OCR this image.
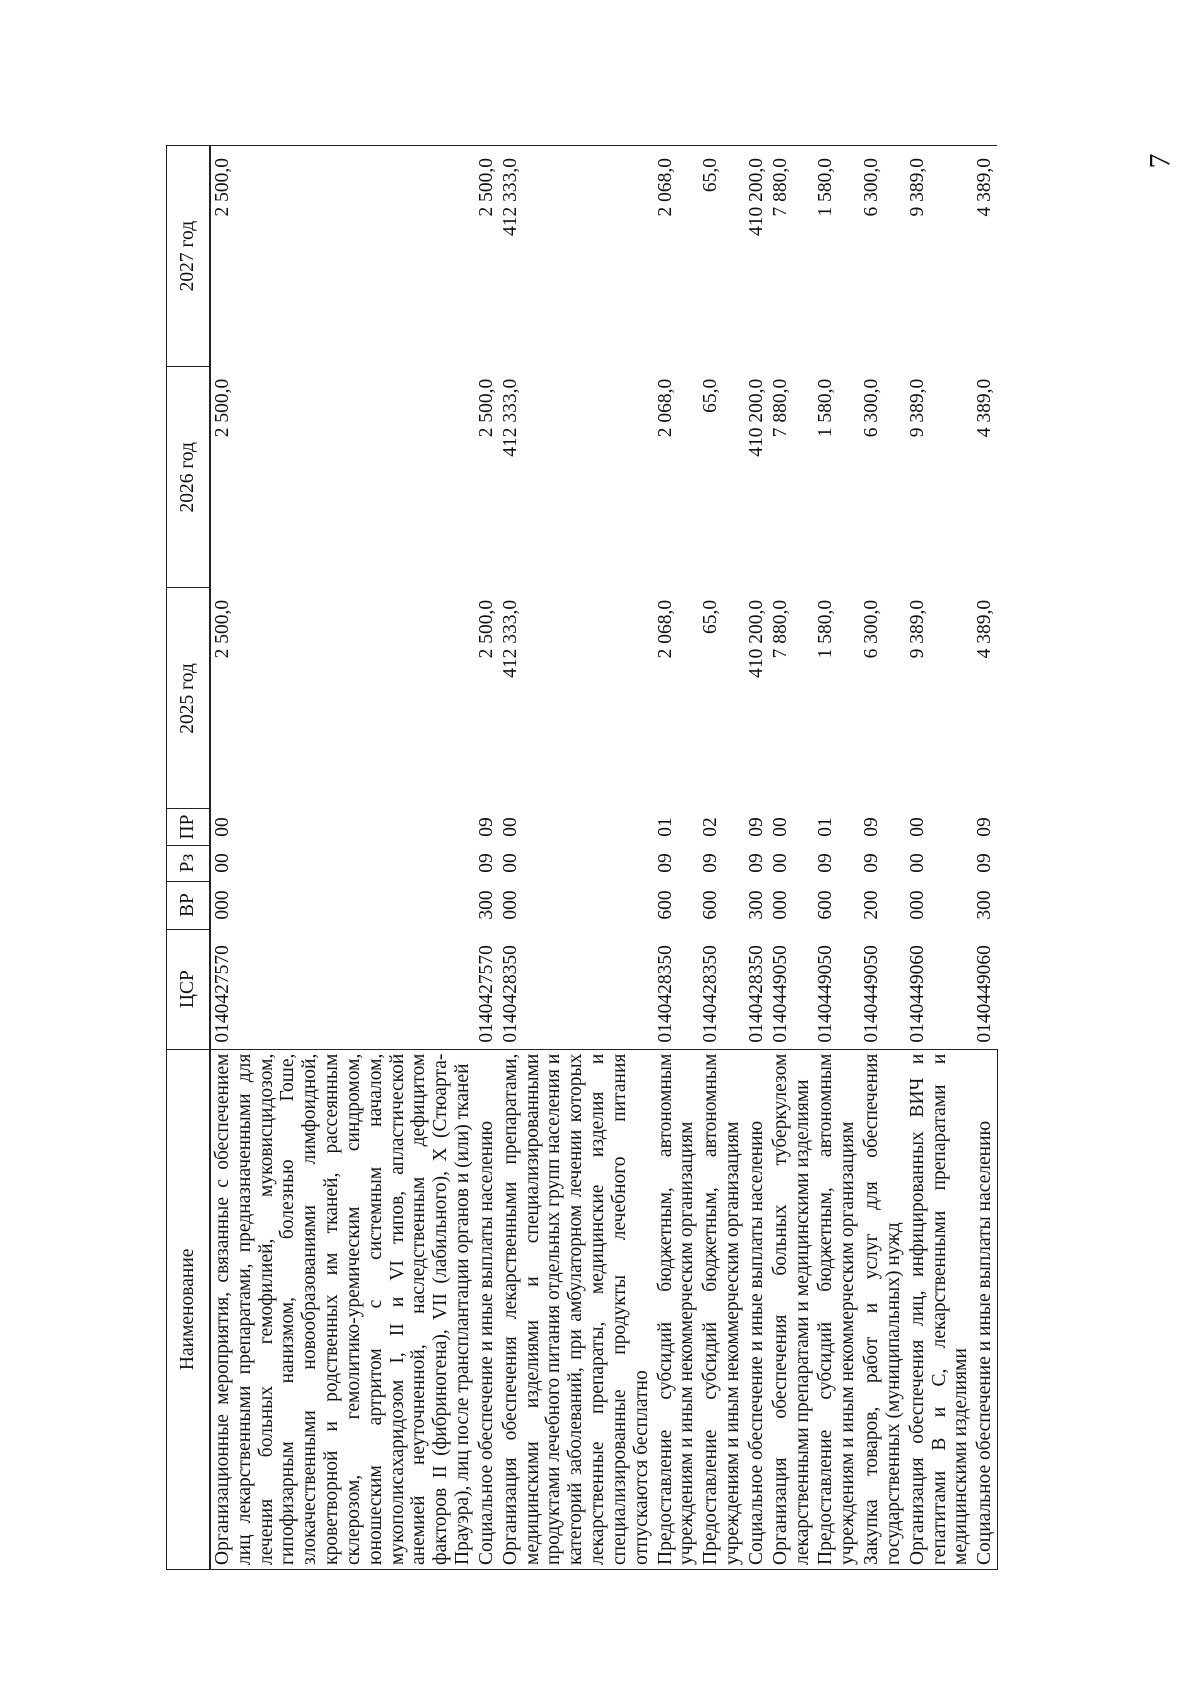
7
Наименование	ЦСР	ВР	Рз	ПР	2025 год	2026 год	2027 год
Организационные мероприятия, связанные с обеспечением лиц лекарственными препаратами, предназначенными для лечения больных гемофилией, муковисцидозом, гипофизарным нанизмом, болезнью Гоше, злокачественными новообразованиями лимфоидной, кроветворной и родственных им тканей, рассеянным склерозом, гемолитико-уремическим синдромом, юношеским артритом с системным началом, мукополисахаридозом I, II и VI типов, апластической анемией неуточненной, наследственным дефицитом факторов II (фибриногена), VII (лабильного), X (Стюарта-Прауэра), лиц после трансплантации органов и (или) тканей	0140427570	000	00	00	2 500,0	2 500,0	2 500,0
Социальное обеспечение и иные выплаты населению	0140427570	300	09	09	2 500,0	2 500,0	2 500,0
Организация обеспечения лекарственными препаратами, медицинскими изделиями и специализированными продуктами лечебного питания отдельных групп населения и категорий заболеваний, при амбулаторном лечении которых лекарственные препараты, медицинские изделия и специализированные продукты лечебного питания отпускаются бесплатно	0140428350	000	00	00	412 333,0	412 333,0	412 333,0
Предоставление субсидий бюджетным, автономным учреждениям и иным некоммерческим организациям	0140428350	600	09	01	2 068,0	2 068,0	2 068,0
Предоставление субсидий бюджетным, автономным учреждениям и иным некоммерческим организациям	0140428350	600	09	02	65,0	65,0	65,0
Социальное обеспечение и иные выплаты населению	0140428350	300	09	09	410 200,0	410 200,0	410 200,0
Организация обеспечения больных туберкулезом лекарственными препаратами и медицинскими изделиями	0140449050	000	00	00	7 880,0	7 880,0	7 880,0
Предоставление субсидий бюджетным, автономным учреждениям и иным некоммерческим организациям	0140449050	600	09	01	1 580,0	1 580,0	1 580,0
Закупка товаров, работ и услуг для обеспечения государственных (муниципальных) нужд	0140449050	200	09	09	6 300,0	6 300,0	6 300,0
Организация обеспечения лиц, инфицированных ВИЧ и гепатитами B и C, лекарственными препаратами и медицинскими изделиями	0140449060	000	00	00	9 389,0	9 389,0	9 389,0
Социальное обеспечение и иные выплаты населению	0140449060	300	09	09	4 389,0	4 389,0	4 389,0
